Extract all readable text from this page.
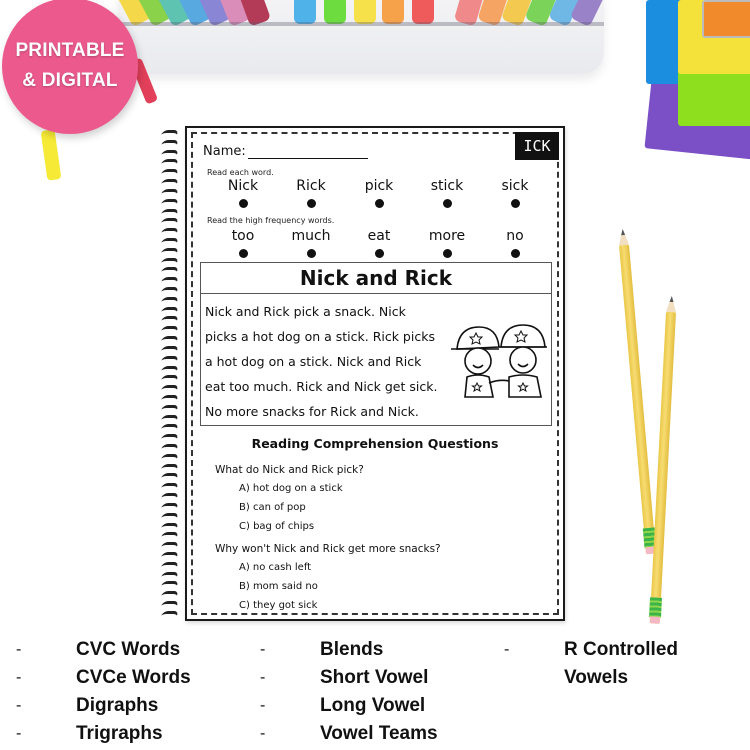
PRINTABLE
& DIGITAL
ICK
Name:
Read each word.
Nick	Rick	pick	stick	sick
Read the high frequency words.
too	much	eat	more	no
Nick and Rick
Nick and Rick pick a snack. Nick
picks a hot dog on a stick. Rick picks
a hot dog on a stick. Nick and Rick
eat too much. Rick and Nick get sick.
No more snacks for Rick and Nick.
Reading Comprehension Questions
What do Nick and Rick pick?
A) hot dog on a stick
B) can of pop
C) bag of chips
Why won't Nick and Rick get more snacks?
A) no cash left
B) mom said no
C) they got sick
-	CVC Words
-	CVCe Words
-	Digraphs
-	Trigraphs
-	Blends
-	Short Vowel
-	Long Vowel
-	Vowel Teams
-	R Controlled
Vowels
